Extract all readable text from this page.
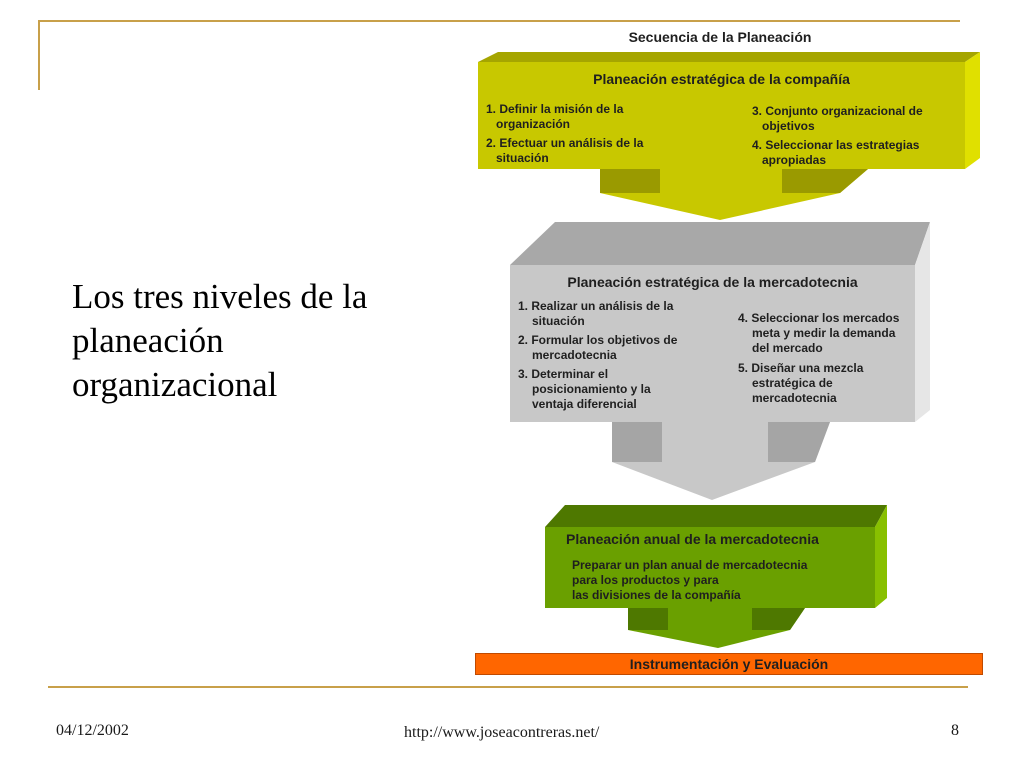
Los tres niveles de la
planeación
organizacional
Secuencia de la Planeación
Planeación estratégica de la compañía
1. Definir la misión de la
organización
2. Efectuar un análisis de la
situación
3. Conjunto organizacional de
objetivos
4. Seleccionar las estrategias
apropiadas
Planeación estratégica de la mercadotecnia
1. Realizar un análisis de la
situación
2. Formular los objetivos de
mercadotecnia
3. Determinar el
posicionamiento y la
ventaja diferencial
4. Seleccionar los mercados
meta y medir la demanda
del mercado
5. Diseñar una mezcla
estratégica de
mercadotecnia
Planeación anual de la mercadotecnia
Preparar un plan anual de mercadotecnia
para los productos y para
las divisiones de la compañía
Instrumentación y Evaluación
04/12/2002	http://www.joseacontreras.net/	8
